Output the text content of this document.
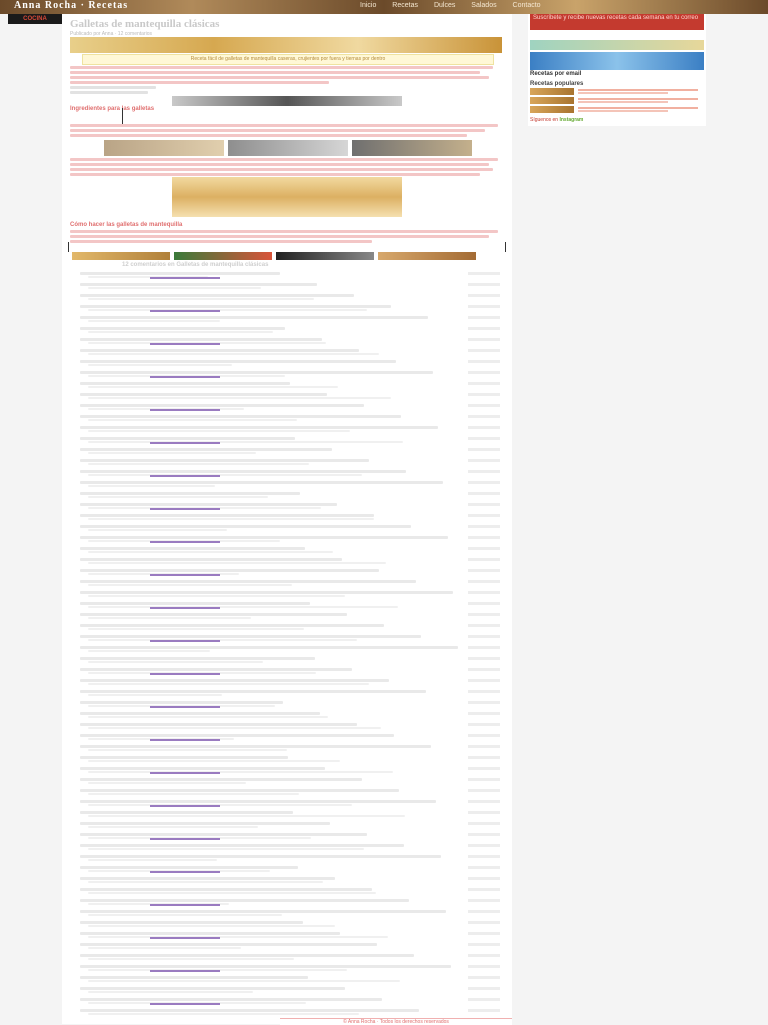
Anna Rocha · Recetas	Inicio Recetas Dulces Salados Contacto
COCINA	Galletas de mantequilla clásicas
Publicado por Anna · 12 comentarios
Receta fácil de galletas de mantequilla caseras, crujientes por fuera y tiernas por dentro
Ingredientes para las galletas
Cómo hacer las galletas de mantequilla
12 comentarios en Galletas de mantequilla clásicas
Suscríbete y recibe nuevas recetas cada semana en tu correo
Recetas por email
Recetas populares
Síguenos en Instagram
© Anna Rocha · Todos los derechos reservados
